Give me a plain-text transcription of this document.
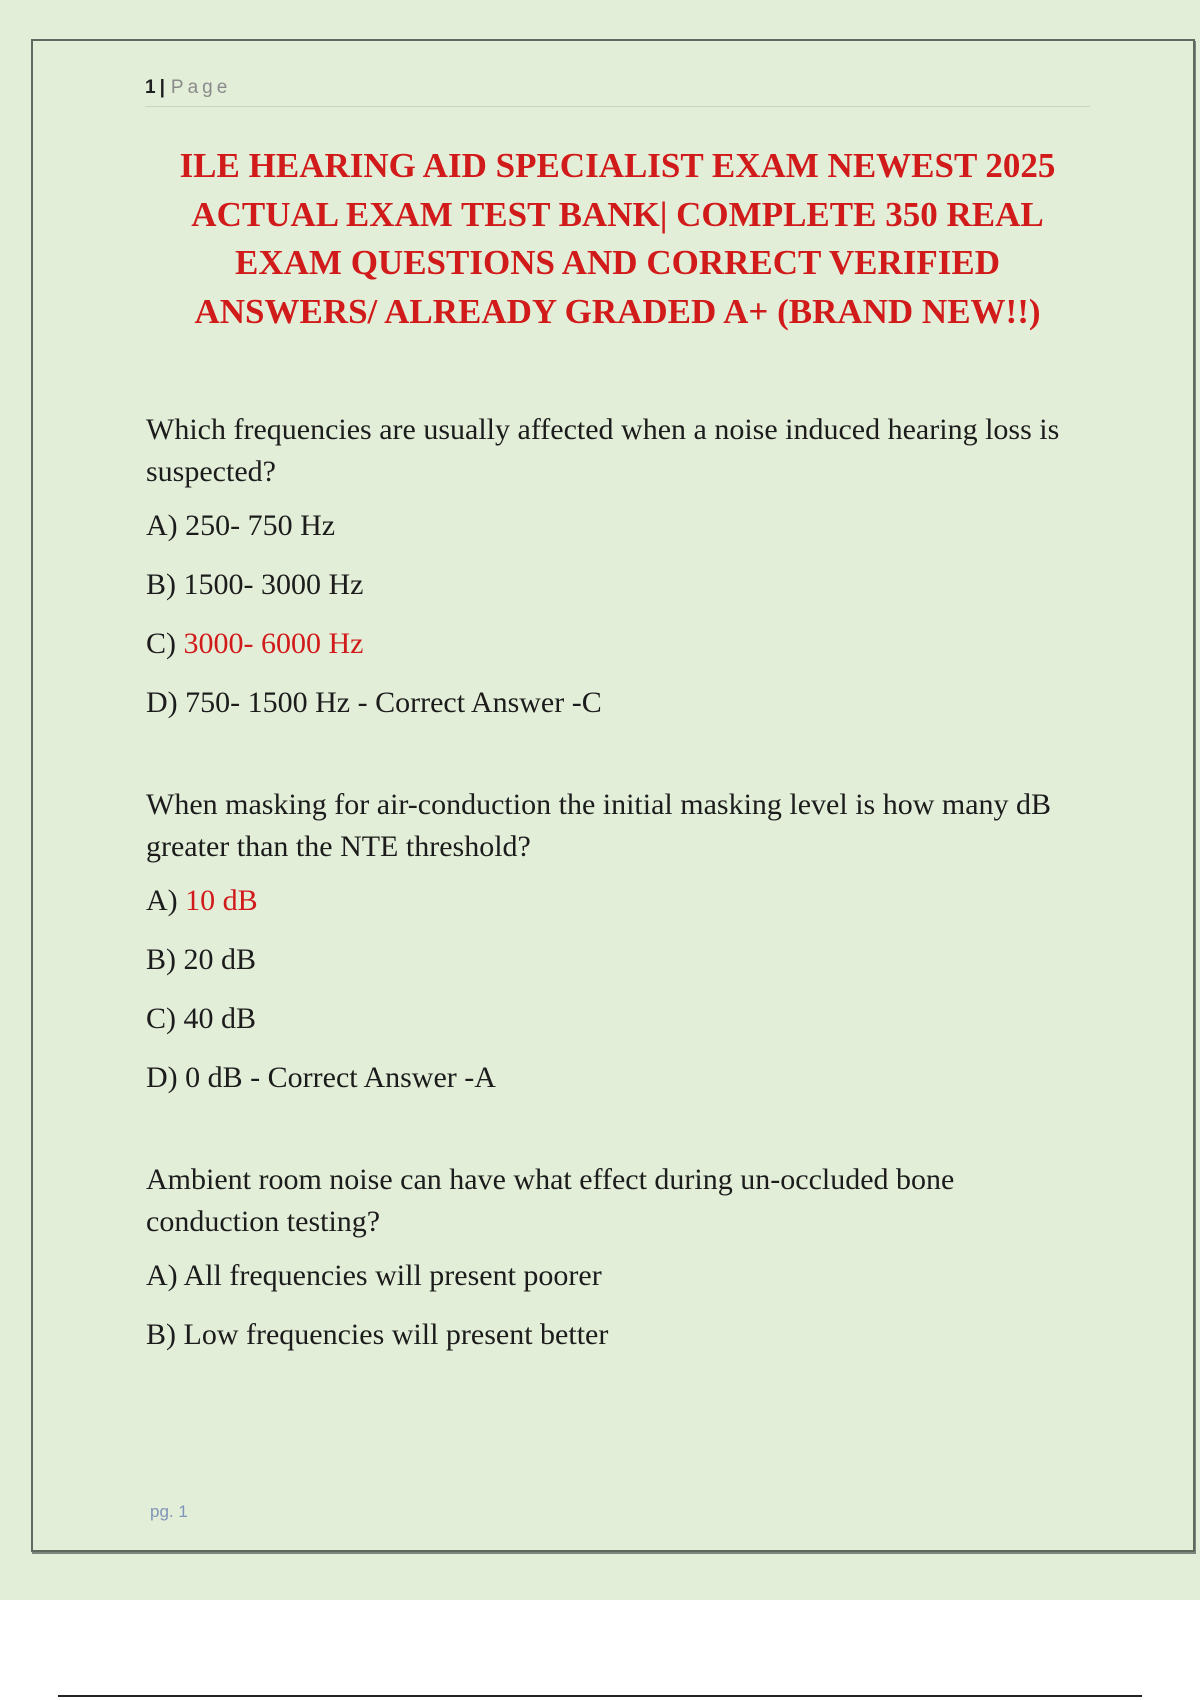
1 | Page
ILE HEARING AID SPECIALIST EXAM NEWEST 2025 ACTUAL EXAM TEST BANK| COMPLETE 350 REAL EXAM QUESTIONS AND CORRECT VERIFIED ANSWERS/ ALREADY GRADED A+ (BRAND NEW!!)

Which frequencies are usually affected when a noise induced hearing loss is suspected?

A) 250- 750 Hz

B) 1500- 3000 Hz

C) 3000- 6000 Hz

D) 750- 1500 Hz - Correct Answer -C

When masking for air-conduction the initial masking level is how many dB greater than the NTE threshold?

A) 10 dB

B) 20 dB

C) 40 dB

D) 0 dB - Correct Answer -A

Ambient room noise can have what effect during un-occluded bone conduction testing?

A) All frequencies will present poorer

B) Low frequencies will present better

pg. 1
